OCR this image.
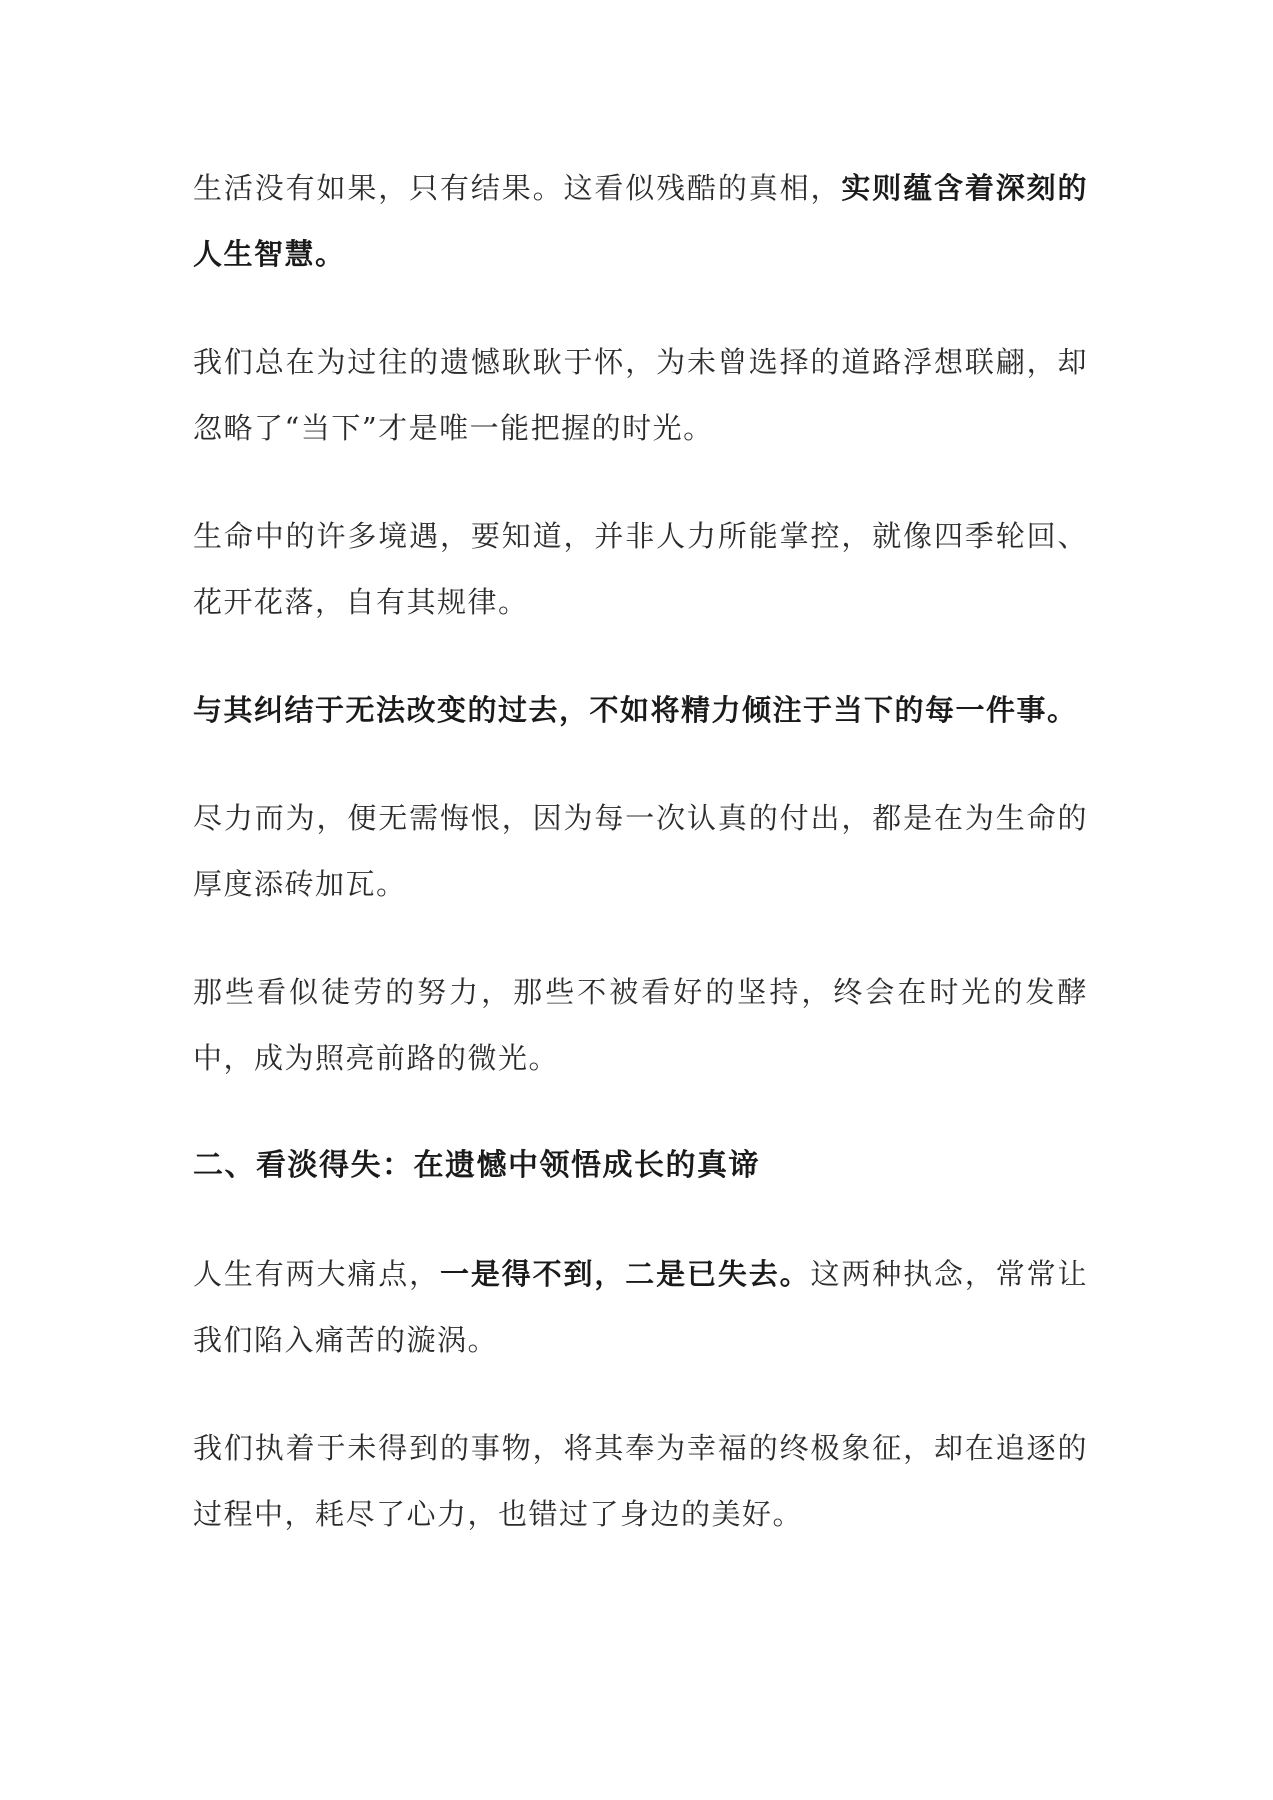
生活没有如果，只有结果。这看似残酷的真相，实则蕴含着深刻的人生智慧。

我们总在为过往的遗憾耿耿于怀，为未曾选择的道路浮想联翩，却忽略了“当下”才是唯一能把握的时光。

生命中的许多境遇，要知道，并非人力所能掌控，就像四季轮回、花开花落，自有其规律。

与其纠结于无法改变的过去，不如将精力倾注于当下的每一件事。

尽力而为，便无需悔恨，因为每一次认真的付出，都是在为生命的厚度添砖加瓦。

那些看似徒劳的努力，那些不被看好的坚持，终会在时光的发酵中，成为照亮前路的微光。

二、看淡得失：在遗憾中领悟成长的真谛

人生有两大痛点，一是得不到，二是已失去。这两种执念，常常让我们陷入痛苦的漩涡。

我们执着于未得到的事物，将其奉为幸福的终极象征，却在追逐的过程中，耗尽了心力，也错过了身边的美好。
